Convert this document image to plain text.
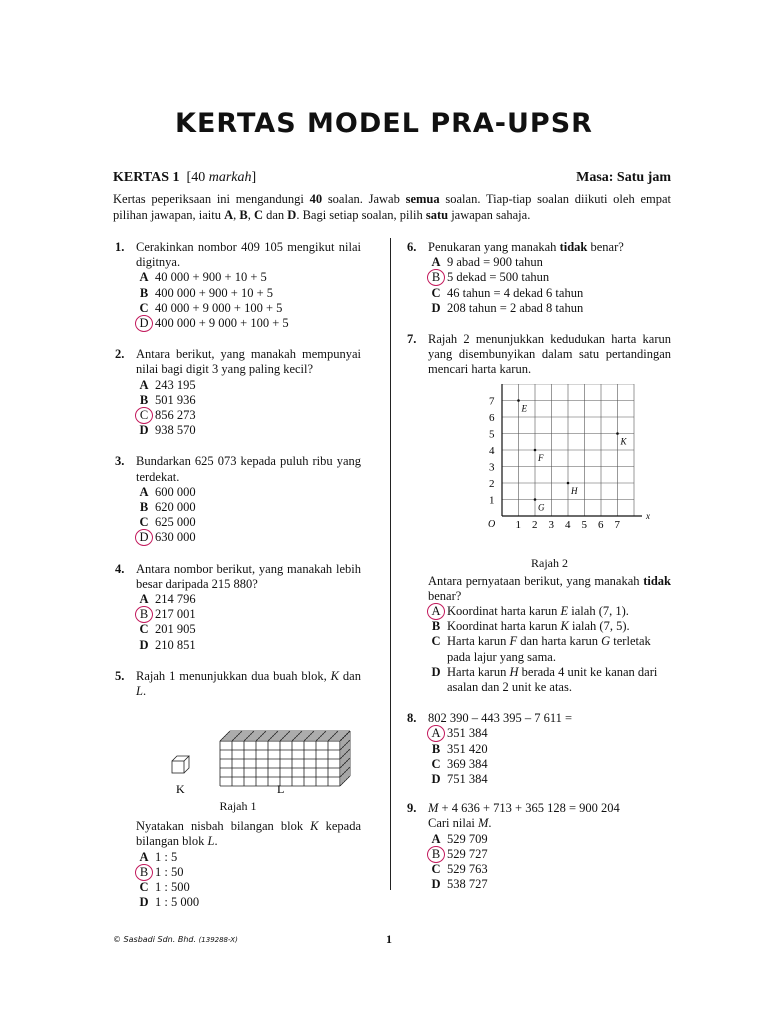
KERTAS MODEL PRA-UPSR
KERTAS 1 [40 markah]	Masa: Satu jam
Kertas peperiksaan ini mengandungi 40 soalan. Jawab semua soalan. Tiap-tiap soalan diikuti oleh empat pilihan jawapan, iaitu A, B, C dan D. Bagi setiap soalan, pilih satu jawapan sahaja.
1. Cerakinkan nombor 409 105 mengikut nilai digitnya.
A 40 000 + 900 + 10 + 5
B 400 000 + 900 + 10 + 5
C 40 000 + 9 000 + 100 + 5
D 400 000 + 9 000 + 100 + 5
2. Antara berikut, yang manakah mempunyai nilai bagi digit 3 yang paling kecil?
A 243 195
B 501 936
C 856 273
D 938 570
3. Bundarkan 625 073 kepada puluh ribu yang terdekat.
A 600 000
B 620 000
C 625 000
D 630 000
4. Antara nombor berikut, yang manakah lebih besar daripada 215 880?
A 214 796
B 217 001
C 201 905
D 210 851
5. Rajah 1 menunjukkan dua buah blok, K dan L.
K	L
Rajah 1
Nyatakan nisbah bilangan blok K kepada bilangan blok L.
A 1 : 5
B 1 : 50
C 1 : 500
D 1 : 5 000
6. Penukaran yang manakah tidak benar?
A 9 abad = 900 tahun
B 5 dekad = 500 tahun
C 46 tahun = 4 dekad 6 tahun
D 208 tahun = 2 abad 8 tahun
7. Rajah 2 menunjukkan kedudukan harta karun yang disembunyikan dalam satu pertandingan mencari harta karun.
x
O 1 2 3 4 5 6 7
1
2
3
4
5
6
7
E
K
F
H
G
Rajah 2
Antara pernyataan berikut, yang manakah tidak benar?
A Koordinat harta karun E ialah (7, 1).
B Koordinat harta karun K ialah (7, 5).
C Harta karun F dan harta karun G terletak pada lajur yang sama.
D Harta karun H berada 4 unit ke kanan dari asalan dan 2 unit ke atas.
8. 802 390 – 443 395 – 7 611 =
A 351 384
B 351 420
C 369 384
D 751 384
9. M + 4 636 + 713 + 365 128 = 900 204
Cari nilai M.
A 529 709
B 529 727
C 529 763
D 538 727
© Sasbadi Sdn. Bhd. (139288-X)	1
